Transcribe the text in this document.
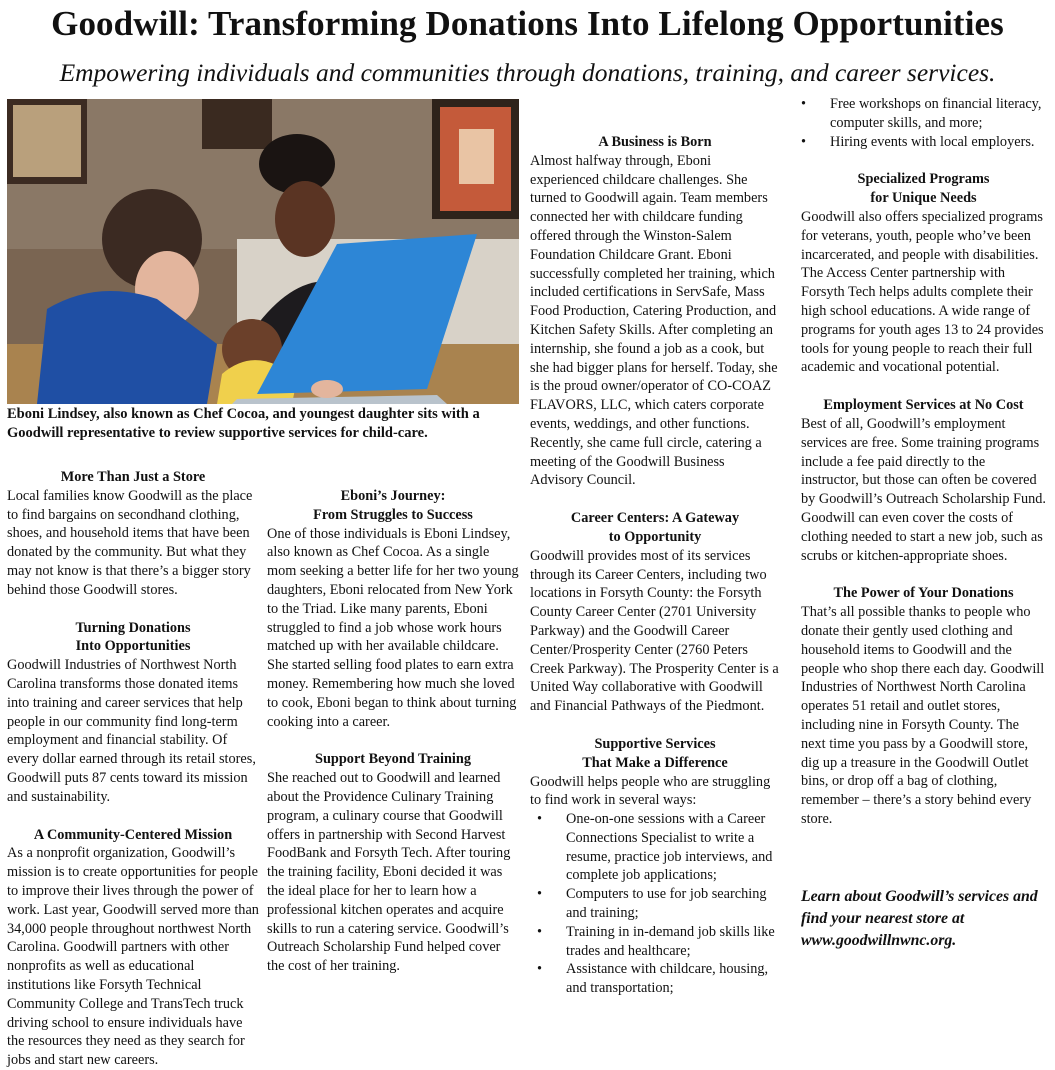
Goodwill: Transforming Donations Into Lifelong Opportunities
Empowering individuals and communities through donations, training, and career services.
Eboni Lindsey, also known as Chef Cocoa, and youngest daughter sits with a Goodwill representative to review supportive services for child-care.
More Than Just a Store

Local families know Goodwill as the place to find bargains on secondhand clothing, shoes, and household items that have been donated by the community. But what they may not know is that there’s a bigger story behind those Goodwill stores.

Turning Donations
Into Opportunities

Goodwill Industries of Northwest North Carolina transforms those donated items into training and career services that help people in our community find long-term employment and financial stability. Of every dollar earned through its retail stores, Goodwill puts 87 cents toward its mission and sustainability.

A Community-Centered Mission

As a nonprofit organization, Goodwill’s mission is to create opportunities for people to improve their lives through the power of work. Last year, Goodwill served more than 34,000 people throughout northwest North Carolina. Goodwill partners with other nonprofits as well as educational institutions like Forsyth Technical Community College and TransTech truck driving school to ensure individuals have the resources they need as they search for jobs and start new careers.

Eboni’s Journey:
From Struggles to Success

One of those individuals is Eboni Lindsey, also known as Chef Cocoa. As a single mom seeking a better life for her two young daughters, Eboni relocated from New York to the Triad. Like many parents, Eboni struggled to find a job whose work hours matched up with her available childcare. She started selling food plates to earn extra money. Remembering how much she loved to cook, Eboni began to think about turning cooking into a career.

Support Beyond Training

She reached out to Goodwill and learned about the Providence Culinary Training program, a culinary course that Goodwill offers in partnership with Second Harvest FoodBank and Forsyth Tech. After touring the training facility, Eboni decided it was the ideal place for her to learn how a professional kitchen operates and acquire skills to run a catering service. Goodwill’s Outreach Scholarship Fund helped cover the cost of her training.

A Business is Born

Almost halfway through, Eboni experienced childcare challenges. She turned to Goodwill again. Team members connected her with childcare funding offered through the Winston-Salem Foundation Childcare Grant. Eboni successfully completed her training, which included certifications in ServSafe, Mass Food Production, Catering Production, and Kitchen Safety Skills. After completing an internship, she found a job as a cook, but she had bigger plans for herself. Today, she is the proud owner/operator of CO-COAZ FLAVORS, LLC, which caters corporate events, weddings, and other functions. Recently, she came full circle, catering a meeting of the Goodwill Business Advisory Council.

Career Centers: A Gateway
to Opportunity

Goodwill provides most of its services through its Career Centers, including two locations in Forsyth County: the Forsyth County Career Center (2701 University Parkway) and the Goodwill Career Center/Prosperity Center (2760 Peters Creek Parkway). The Prosperity Center is a United Way collaborative with Goodwill and Financial Pathways of the Piedmont.

Supportive Services
That Make a Difference

Goodwill helps people who are struggling to find work in several ways:

• One-on-one sessions with a Career Connections Specialist to write a resume, practice job interviews, and complete job applications;
• Computers to use for job searching and training;
• Training in in-demand job skills like trades and healthcare;
• Assistance with childcare, housing, and transportation;
• Free workshops on financial literacy, computer skills, and more;
• Hiring events with local employers.
Specialized Programs
for Unique Needs

Goodwill also offers specialized programs for veterans, youth, people who’ve been incarcerated, and people with disabilities. The Access Center partnership with Forsyth Tech helps adults complete their high school educations. A wide range of programs for youth ages 13 to 24 provides tools for young people to reach their full academic and vocational potential.

Employment Services at No Cost

Best of all, Goodwill’s employment services are free. Some training programs include a fee paid directly to the instructor, but those can often be covered by Goodwill’s Outreach Scholarship Fund. Goodwill can even cover the costs of clothing needed to start a new job, such as scrubs or kitchen-appropriate shoes.

The Power of Your Donations

That’s all possible thanks to people who donate their gently used clothing and household items to Goodwill and the people who shop there each day. Goodwill Industries of Northwest North Carolina operates 51 retail and outlet stores, including nine in Forsyth County. The next time you pass by a Goodwill store, dig up a treasure in the Goodwill Outlet bins, or drop off a bag of clothing, remember – there’s a story behind every store.

Learn about Goodwill’s services and find your nearest store at www.goodwillnwnc.org.
